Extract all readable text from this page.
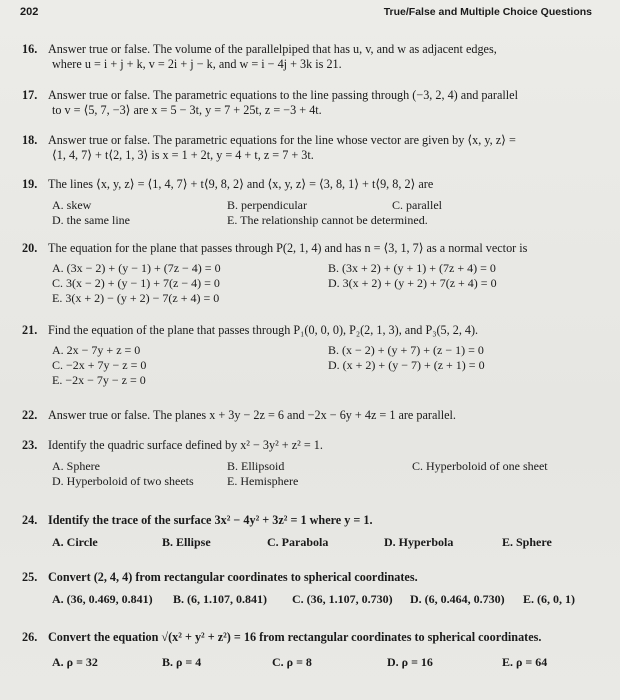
202	True/False and Multiple Choice Questions
16. Answer true or false. The volume of the parallelpiped that has u, v, and w as adjacent edges,
where u = i + j + k, v = 2i + j − k, and w = i − 4j + 3k is 21.
17. Answer true or false. The parametric equations to the line passing through (−3, 2, 4) and parallel
to v = ⟨5, 7, −3⟩ are x = 5 − 3t, y = 7 + 25t, z = −3 + 4t.
18. Answer true or false. The parametric equations for the line whose vector are given by ⟨x, y, z⟩ =
⟨1, 4, 7⟩ + t⟨2, 1, 3⟩ is x = 1 + 2t, y = 4 + t, z = 7 + 3t.
19. The lines ⟨x, y, z⟩ = ⟨1, 4, 7⟩ + t⟨9, 8, 2⟩ and ⟨x, y, z⟩ = ⟨3, 8, 1⟩ + t⟨9, 8, 2⟩ are
A. skew	B. perpendicular	C. parallel
D. the same line	E. The relationship cannot be determined.
20. The equation for the plane that passes through P(2, 1, 4) and has n = ⟨3, 1, 7⟩ as a normal vector is
A. (3x − 2) + (y − 1) + (7z − 4) = 0	B. (3x + 2) + (y + 1) + (7z + 4) = 0
C. 3(x − 2) + (y − 1) + 7(z − 4) = 0	D. 3(x + 2) + (y + 2) + 7(z + 4) = 0
E. 3(x + 2) − (y + 2) − 7(z + 4) = 0
21. Find the equation of the plane that passes through P₁(0, 0, 0), P₂(2, 1, 3), and P₃(5, 2, 4).
A. 2x − 7y + z = 0	B. (x − 2) + (y + 7) + (z − 1) = 0
C. −2x + 7y − z = 0	D. (x + 2) + (y − 7) + (z + 1) = 0
E. −2x − 7y − z = 0
22. Answer true or false. The planes x + 3y − 2z = 6 and −2x − 6y + 4z = 1 are parallel.
23. Identify the quadric surface defined by x² − 3y² + z² = 1.
A. Sphere	B. Ellipsoid	C. Hyperboloid of one sheet
D. Hyperboloid of two sheets	E. Hemisphere
24. Identify the trace of the surface 3x² − 4y² + 3z² = 1 where y = 1.
A. Circle	B. Ellipse	C. Parabola	D. Hyperbola	E. Sphere
25. Convert (2, 4, 4) from rectangular coordinates to spherical coordinates.
A. (36, 0.469, 0.841) B. (6, 1.107, 0.841) C. (36, 1.107, 0.730) D. (6, 0.464, 0.730) E. (6, 0, 1)
26. Convert the equation √(x² + y² + z²) = 16 from rectangular coordinates to spherical coordinates.
A. ρ = 32	B. ρ = 4	C. ρ = 8	D. ρ = 16	E. ρ = 64
